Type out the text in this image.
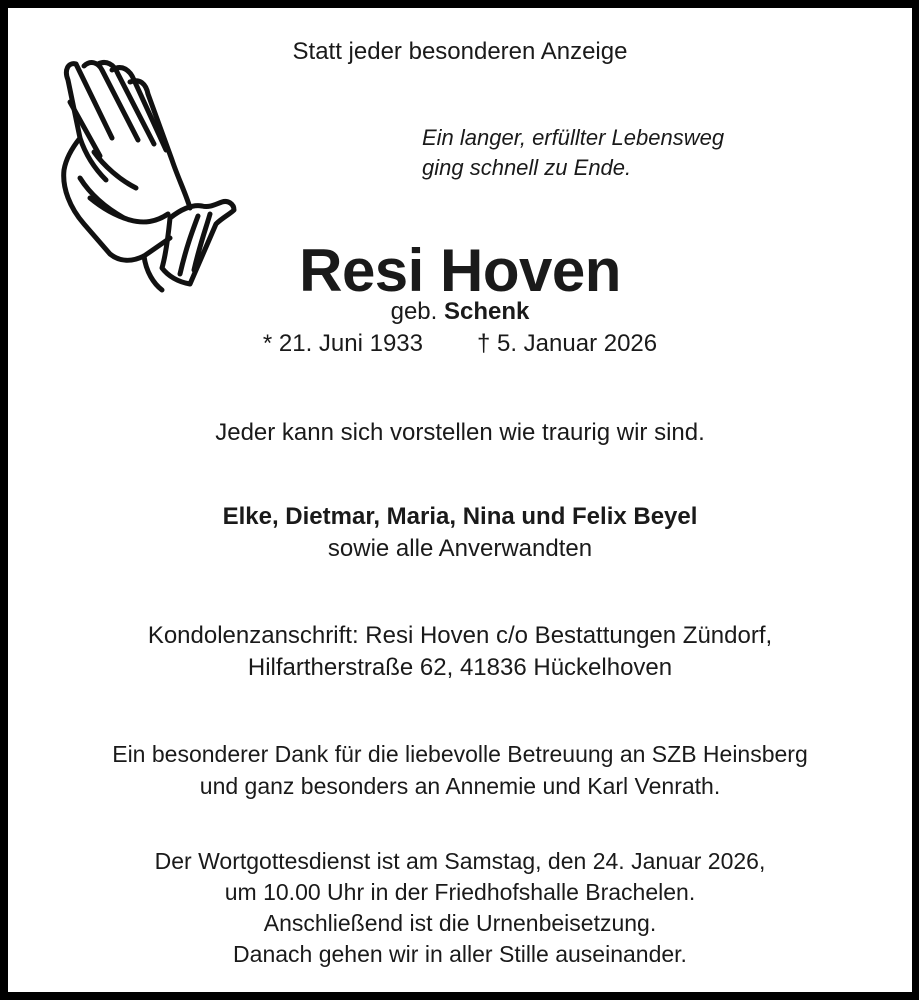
Statt jeder besonderen Anzeige
Ein langer, erfüllter Lebensweg
ging schnell zu Ende.
Resi Hoven
geb. Schenk
* 21. Juni 1933 † 5. Januar 2026
Jeder kann sich vorstellen wie traurig wir sind.
Elke, Dietmar, Maria, Nina und Felix Beyel
sowie alle Anverwandten
Kondolenzanschrift: Resi Hoven c/o Bestattungen Zündorf,
Hilfartherstraße 62, 41836 Hückelhoven
Ein besonderer Dank für die liebevolle Betreuung an SZB Heinsberg
und ganz besonders an Annemie und Karl Venrath.
Der Wortgottesdienst ist am Samstag, den 24. Januar 2026,
um 10.00 Uhr in der Friedhofshalle Brachelen.
Anschließend ist die Urnenbeisetzung.
Danach gehen wir in aller Stille auseinander.
